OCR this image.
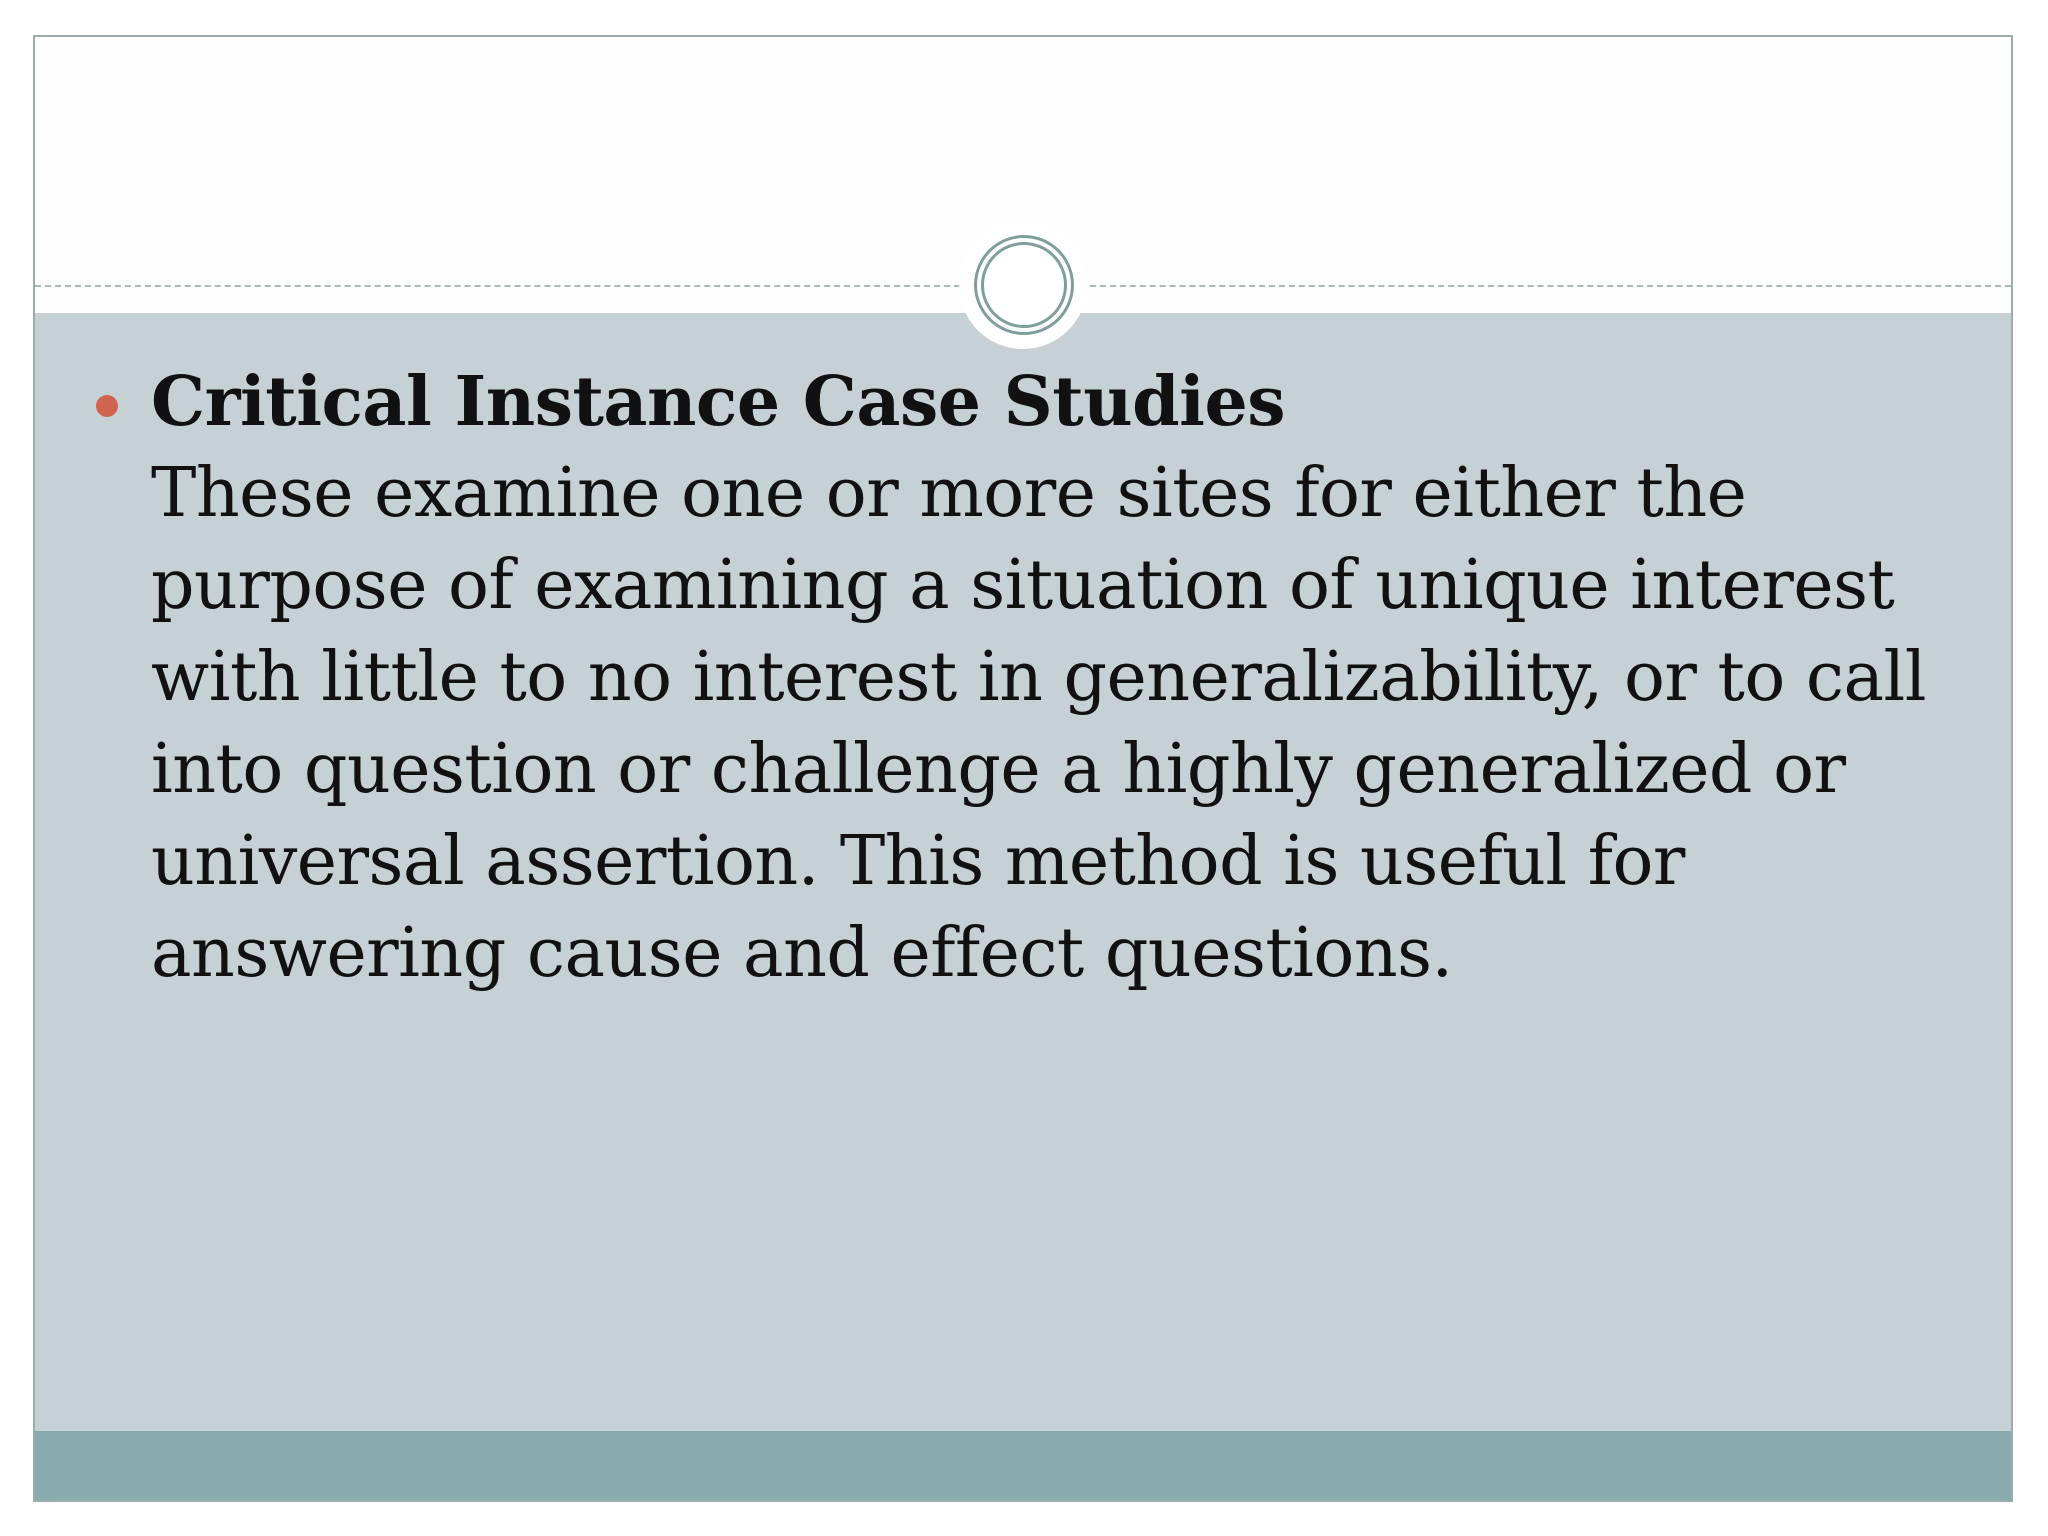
Critical Instance Case Studies
These examine one or more sites for either the
purpose of examining a situation of unique interest
with little to no interest in generalizability, or to call
into question or challenge a highly generalized or
universal assertion. This method is useful for
answering cause and effect questions.
